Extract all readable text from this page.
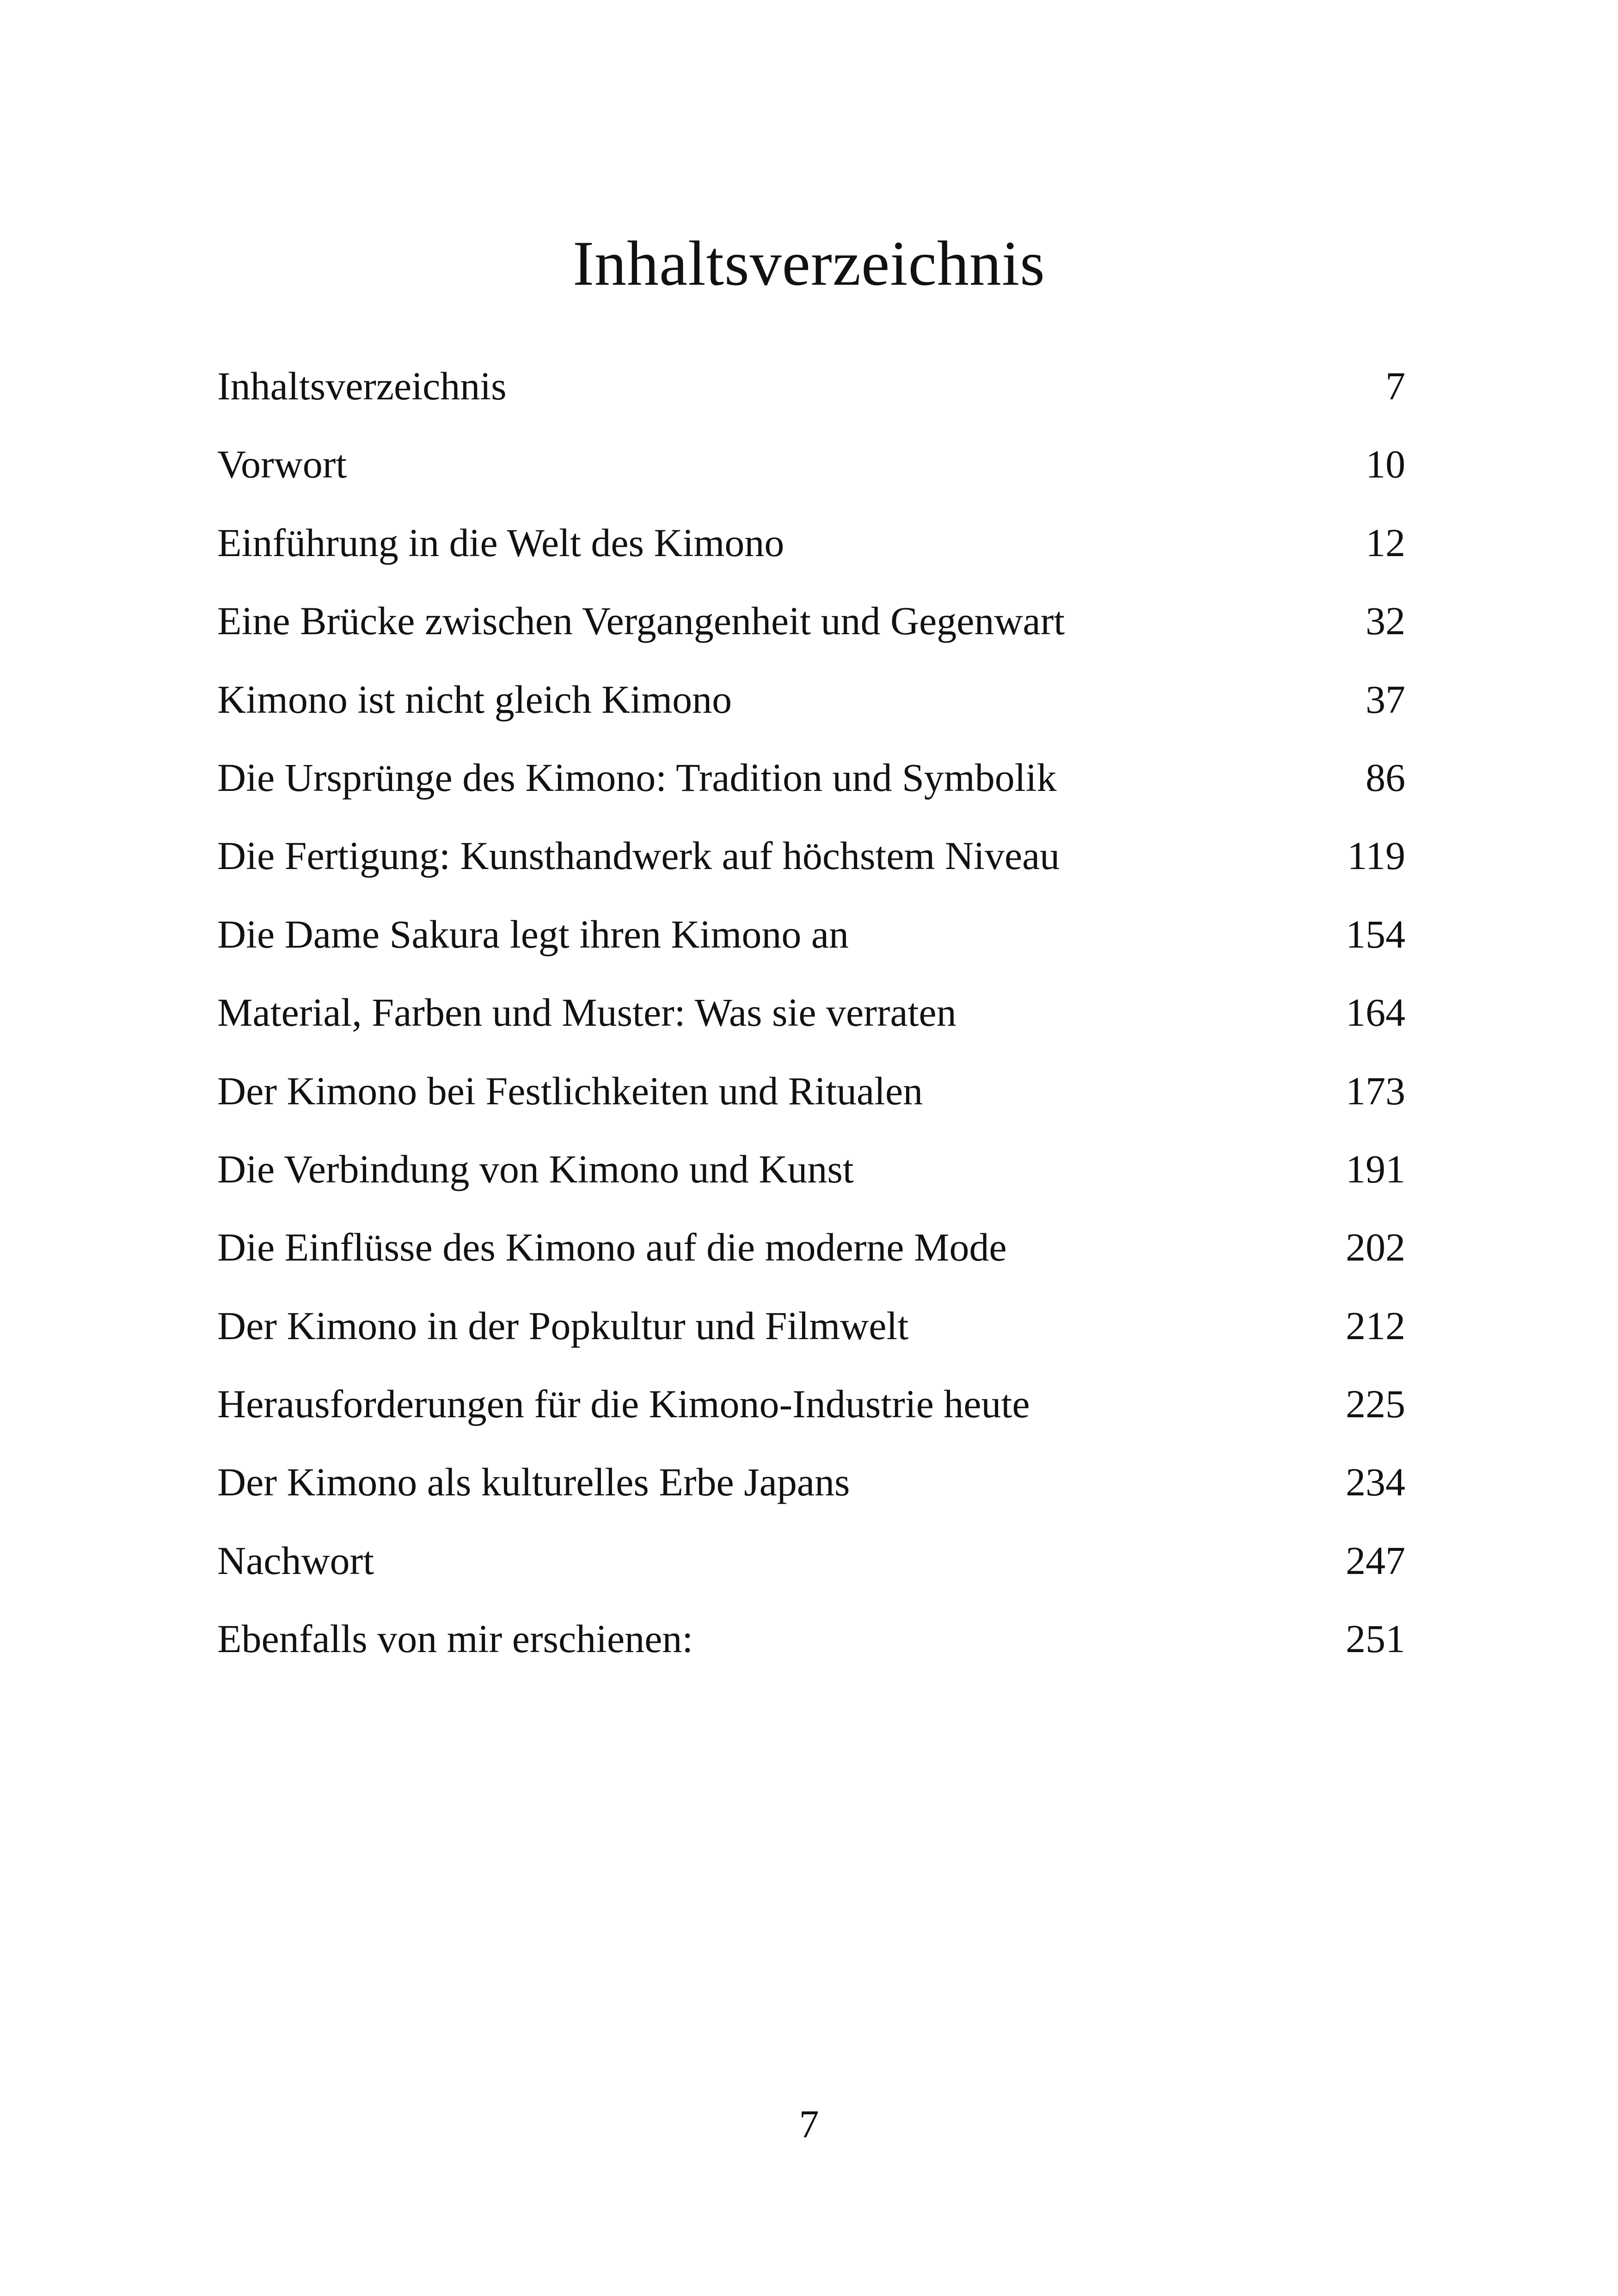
Inhaltsverzeichnis
Inhaltsverzeichnis	7
Vorwort	10
Einführung in die Welt des Kimono	12
Eine Brücke zwischen Vergangenheit und Gegenwart	32
Kimono ist nicht gleich Kimono	37
Die Ursprünge des Kimono: Tradition und Symbolik	86
Die Fertigung: Kunsthandwerk auf höchstem Niveau	119
Die Dame Sakura legt ihren Kimono an	154
Material, Farben und Muster: Was sie verraten	164
Der Kimono bei Festlichkeiten und Ritualen	173
Die Verbindung von Kimono und Kunst	191
Die Einflüsse des Kimono auf die moderne Mode	202
Der Kimono in der Popkultur und Filmwelt	212
Herausforderungen für die Kimono-Industrie heute	225
Der Kimono als kulturelles Erbe Japans	234
Nachwort	247
Ebenfalls von mir erschienen:	251
7
